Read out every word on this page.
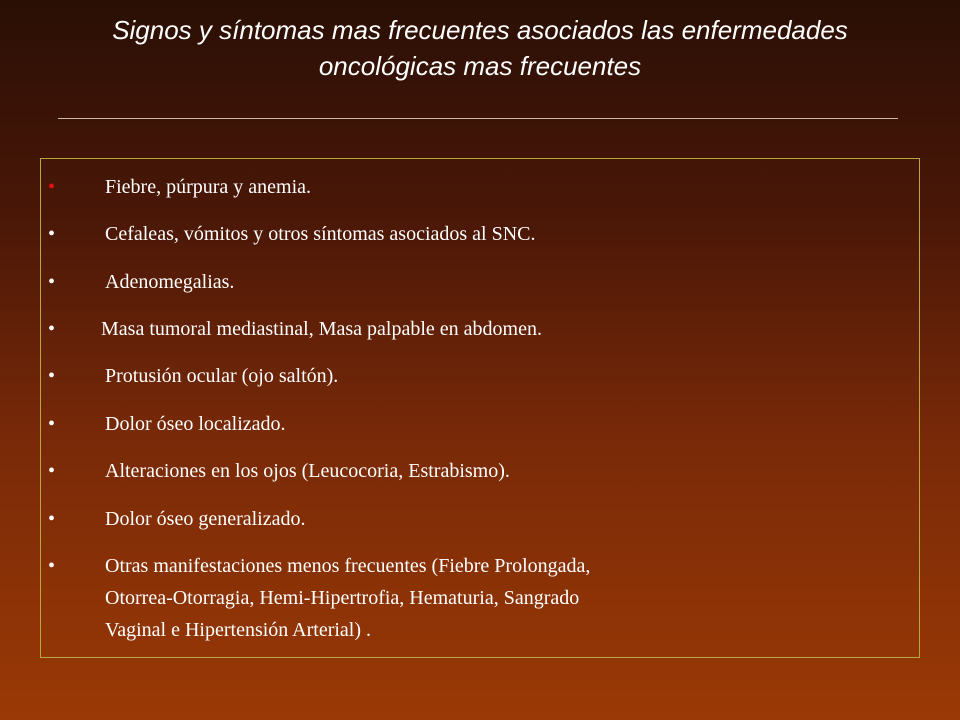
Signos y síntomas mas frecuentes asociados las enfermedades
oncológicas mas frecuentes
• Fiebre, púrpura y anemia.
• Cefaleas, vómitos y otros síntomas asociados al SNC.
• Adenomegalias.
• Masa tumoral mediastinal, Masa palpable en abdomen.
• Protusión ocular (ojo saltón).
• Dolor óseo localizado.
• Alteraciones en los ojos (Leucocoria, Estrabismo).
• Dolor óseo generalizado.
• Otras manifestaciones menos frecuentes (Fiebre Prolongada,
Otorrea-Otorragia, Hemi-Hipertrofia, Hematuria, Sangrado
Vaginal e Hipertensión Arterial) .
